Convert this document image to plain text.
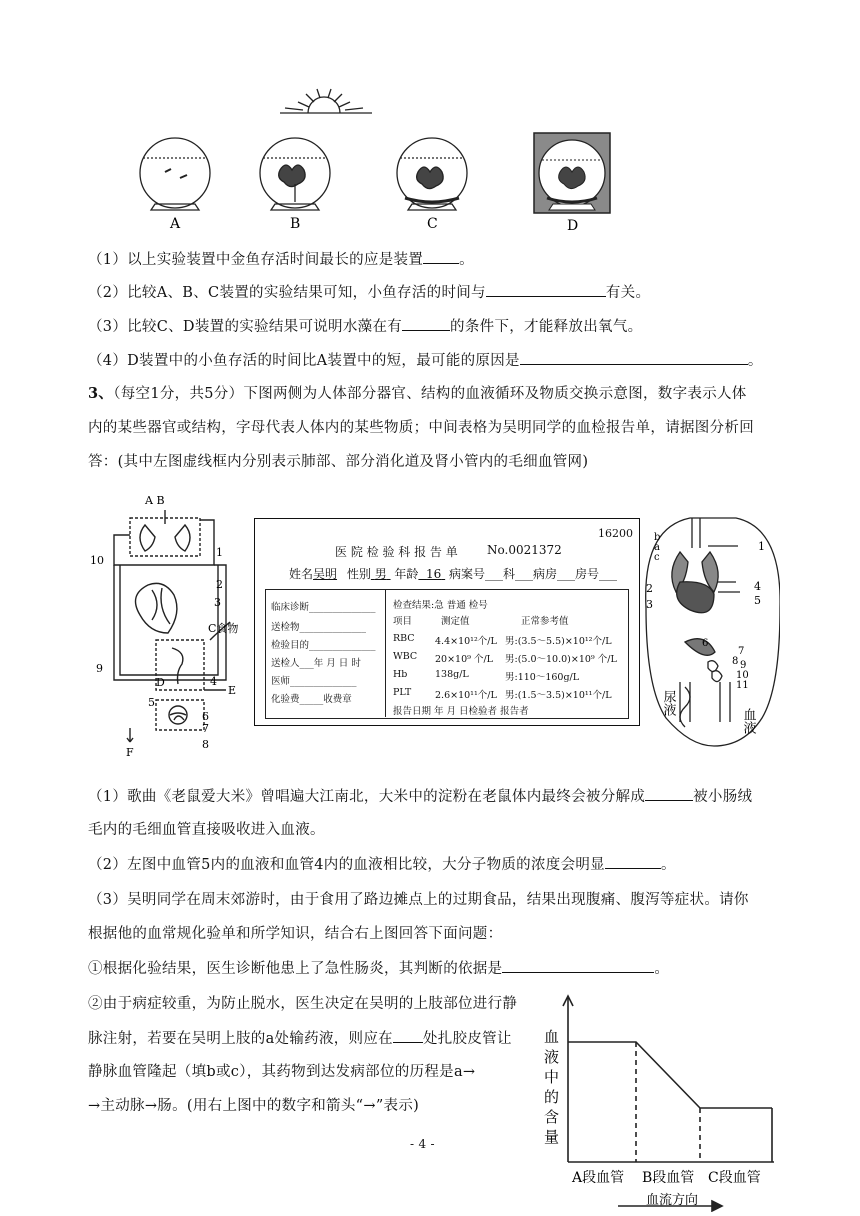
A	B	C	D
（1）以上实验装置中金鱼存活时间最长的应是装置 。
（2）比较A、B、C装置的实验结果可知，小鱼存活的时间与	有关。
（3）比较C、D装置的实验结果可说明水藻在有	的条件下，才能释放出氧气。
（4）D装置中的小鱼存活的时间比A装置中的短，最可能的原因是	。
3、（每空1分，共5分）下图两侧为人体部分器官、结构的血液循环及物质交换示意图，数字表示人体
内的某些器官或结构，字母代表人体内的某些物质；中间表格为吴明同学的血检报告单，请据图分析回
答：(其中左图虚线框内分别表示肺部、部分消化道及肾小管内的毛细血管网)
A B
1
2
3
4
5
6
7
8
9
10
C食物
D
E
F
16200
医 院 检 验 科 报 告 单 No.0021372
姓名吴明 性别 男 年龄 16 病案号___科___病房___房号___
临床诊断______________
送检物______________
检验目的______________
送检人___年 月 日 时
医师______________
化验费_____收费章
检查结果:急 普通 检号
项目	测定值	正常参考值
RBC 4.4×10¹²个/L 男:(3.5～5.5)×10¹²个/L
WBC 20×10⁹ 个/L 男:(5.0～10.0)×10⁹ 个/L
Hb	138g/L	男:110～160g/L
PLT 2.6×10¹¹个/L 男:(1.5～3.5)×10¹¹个/L
报告日期 年 月 日检验者 报告者
b
a
c
1
2
3
4
5
6
7
8 9
10
11
尿液
血液
（1）歌曲《老鼠爱大米》曾唱遍大江南北，大米中的淀粉在老鼠体内最终会被分解成	被小肠绒
毛内的毛细血管直接吸收进入血液。
（2）左图中血管5内的血液和血管4内的血液相比较，大分子物质的浓度会明显	。
（3）吴明同学在周末郊游时，由于食用了路边摊点上的过期食品，结果出现腹痛、腹泻等症状。请你
根据他的血常规化验单和所学知识，结合右上图回答下面问题：
①根据化验结果，医生诊断他患上了急性肠炎，其判断的依据是	。
②由于病症较重，为防止脱水，医生决定在吴明的上肢部位进行静
脉注射，若要在吴明上肢的a处输药液，则应在 处扎胶皮管让
静脉血管隆起（填b或c），其药物到达发病部位的历程是a→
→主动脉→肠。(用右上图中的数字和箭头“→”表示)
- 4 -
血
液
中
的
含
量
A段血管 B段血管 C段血管
血流方向
